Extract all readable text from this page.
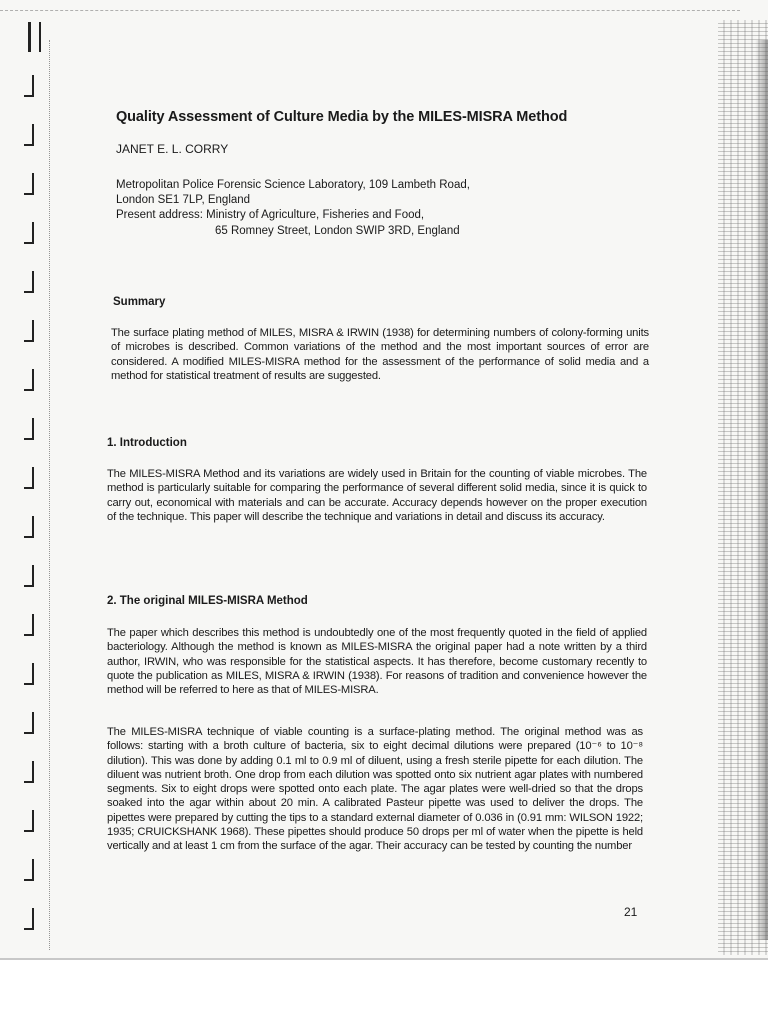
Quality Assessment of Culture Media by the MILES-MISRA Method
JANET E. L. CORRY
Metropolitan Police Forensic Science Laboratory, 109 Lambeth Road,
London SE1 7LP, England
Present address: Ministry of Agriculture, Fisheries and Food,
65 Romney Street, London SWIP 3RD, England
Summary
The surface plating method of MILES, MISRA & IRWIN (1938) for determining numbers of colony-forming units of microbes is described. Common variations of the method and the most important sources of error are considered. A modified MILES-MISRA method for the assessment of the performance of solid media and a method for statistical treatment of results are suggested.
1. Introduction
The MILES-MISRA Method and its variations are widely used in Britain for the counting of viable microbes. The method is particularly suitable for comparing the performance of several different solid media, since it is quick to carry out, economical with materials and can be accurate. Accuracy depends however on the proper execution of the technique. This paper will describe the technique and variations in detail and discuss its accuracy.
2. The original MILES-MISRA Method
The paper which describes this method is undoubtedly one of the most frequently quoted in the field of applied bacteriology. Although the method is known as MILES-MISRA the original paper had a note written by a third author, IRWIN, who was responsible for the statistical aspects. It has therefore, become customary recently to quote the publication as MILES, MISRA & IRWIN (1938). For reasons of tradition and convenience however the method will be referred to here as that of MILES-MISRA.
The MILES-MISRA technique of viable counting is a surface-plating method. The original method was as follows: starting with a broth culture of bacteria, six to eight decimal dilutions were prepared (10⁻⁶ to 10⁻⁸ dilution). This was done by adding 0.1 ml to 0.9 ml of diluent, using a fresh sterile pipette for each dilution. The diluent was nutrient broth. One drop from each dilution was spotted onto six nutrient agar plates with numbered segments. Six to eight drops were spotted onto each plate. The agar plates were well-dried so that the drops soaked into the agar within about 20 min. A calibrated Pasteur pipette was used to deliver the drops. The pipettes were prepared by cutting the tips to a standard external diameter of 0.036 in (0.91 mm: WILSON 1922; 1935; CRUICKSHANK 1968). These pipettes should produce 50 drops per ml of water when the pipette is held vertically and at least 1 cm from the surface of the agar. Their accuracy can be tested by counting the number
21
